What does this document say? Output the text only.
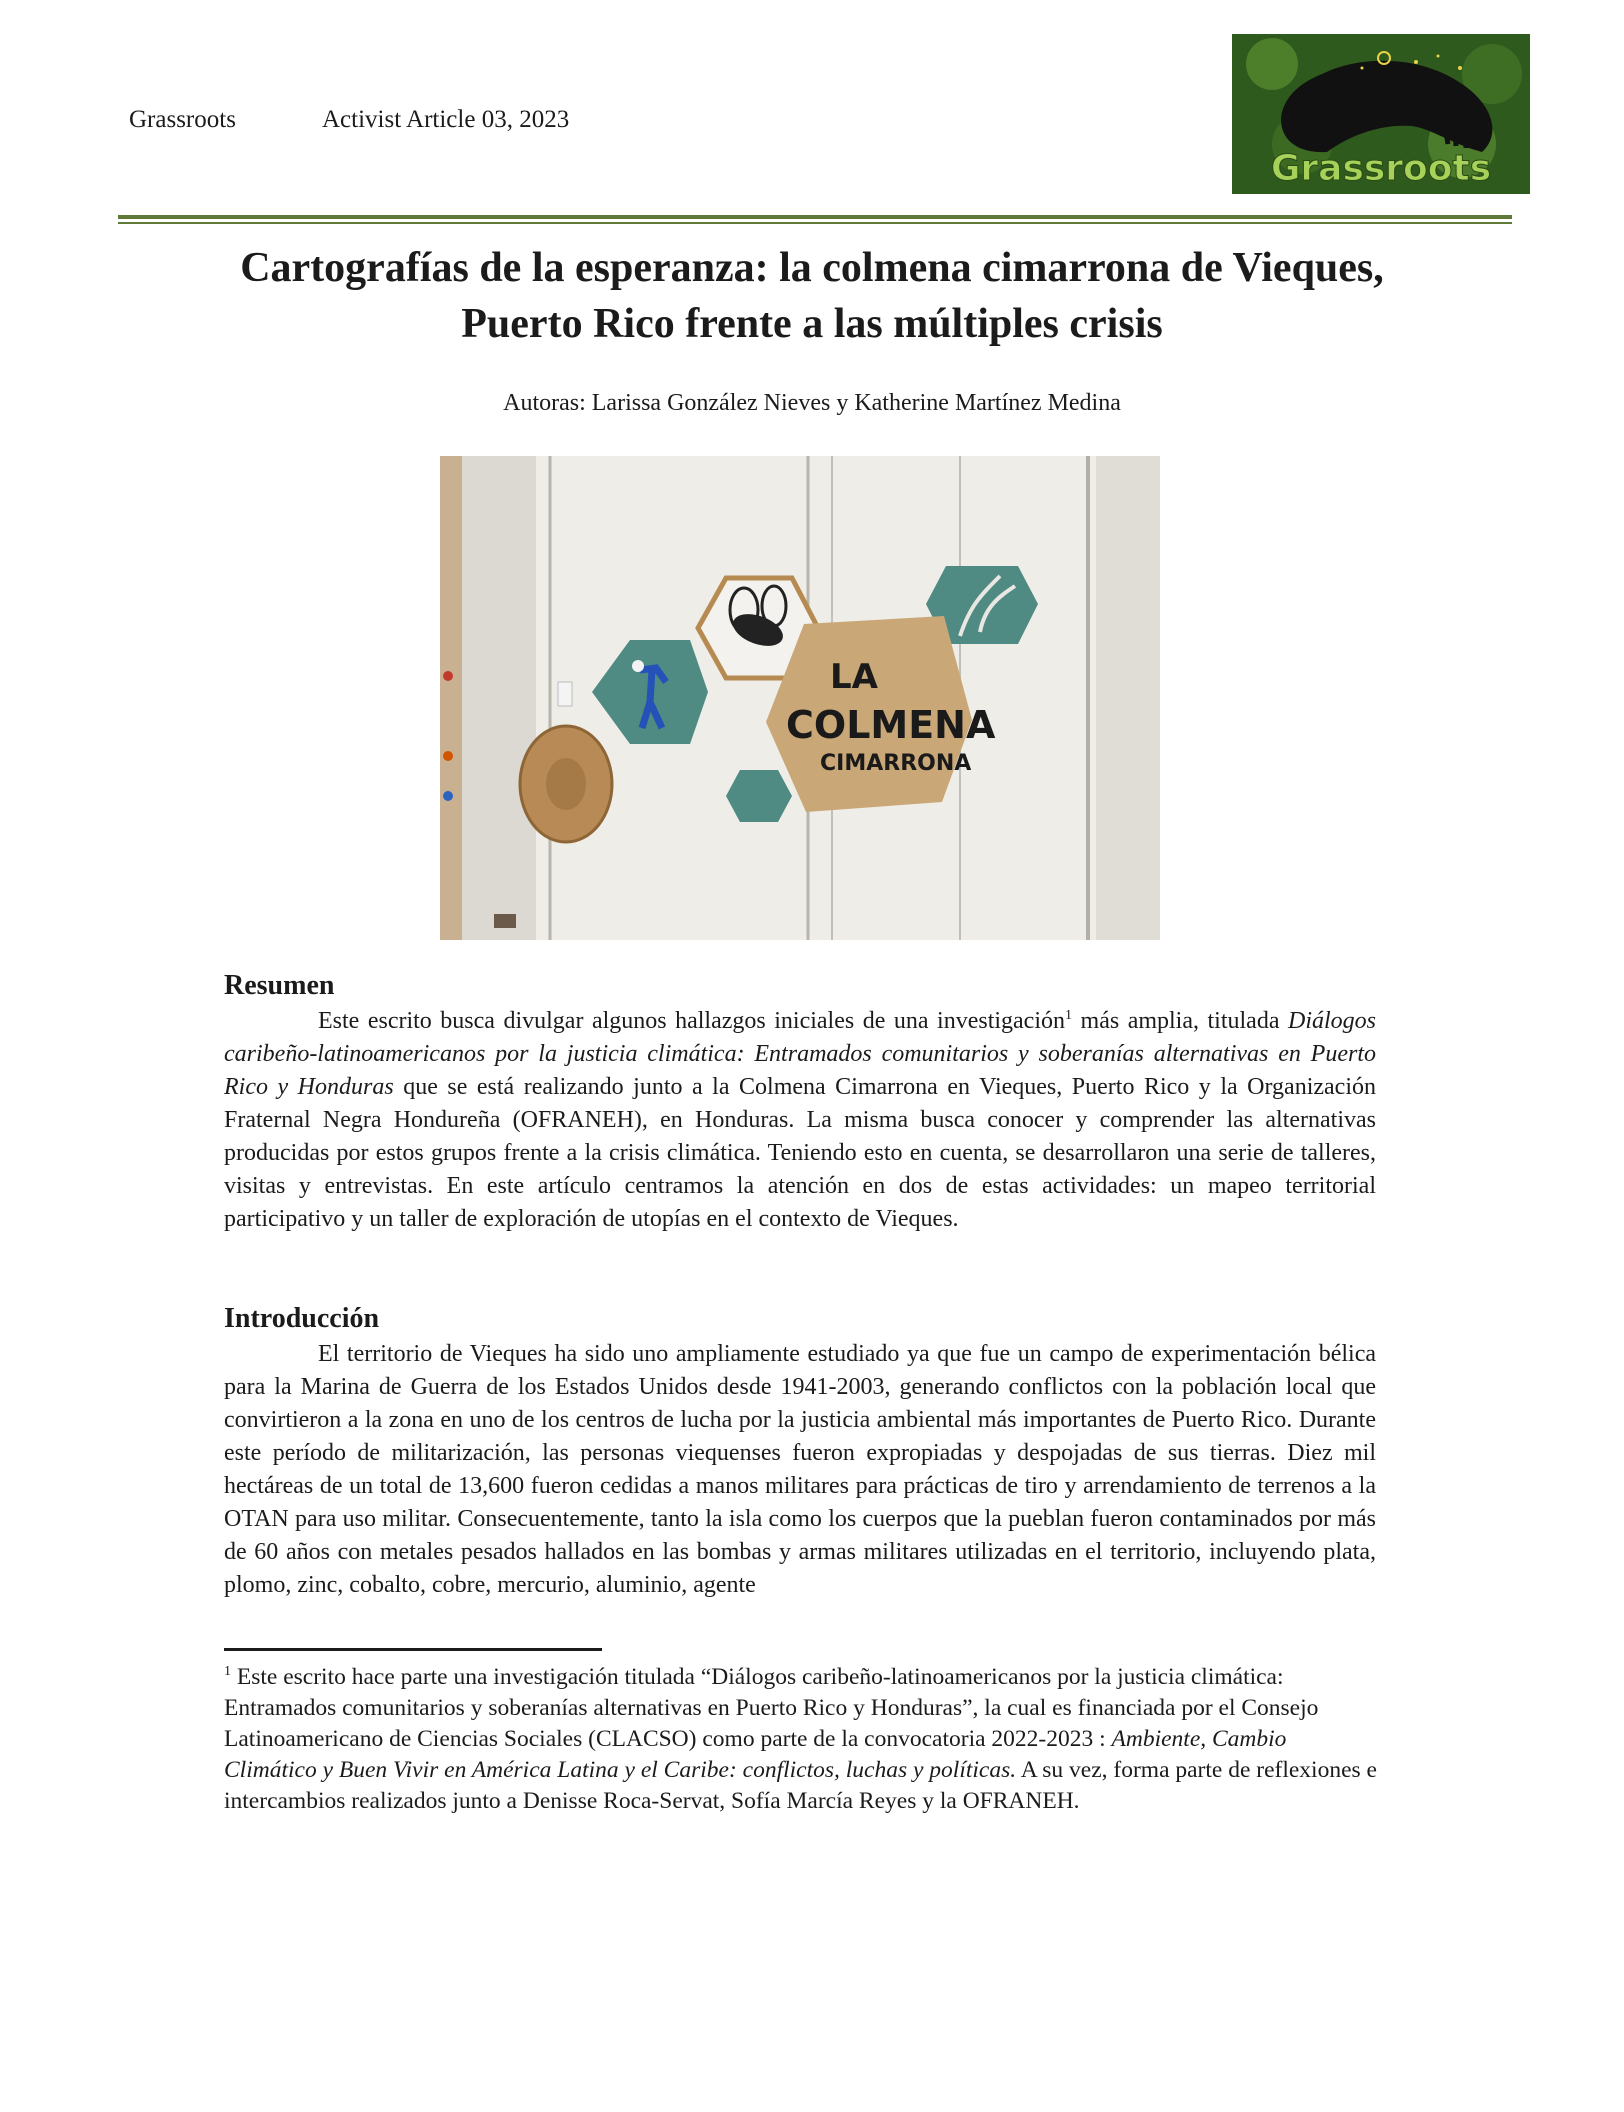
Grassroots	Activist Article 03, 2023
Grassroots
Cartografías de la esperanza: la colmena cimarrona de Vieques,
Puerto Rico frente a las múltiples crisis
Autoras: Larissa González Nieves y Katherine Martínez Medina
LA
COLMENA
CIMARRONA
Resumen

Este escrito busca divulgar algunos hallazgos iniciales de una investigación$^1$ más amplia, titulada Diálogos caribeño-latinoamericanos por la justicia climática: Entramados comunitarios y soberanías alternativas en Puerto Rico y Honduras que se está realizando junto a la Colmena Cimarrona en Vieques, Puerto Rico y la Organización Fraternal Negra Hondureña (OFRANEH), en Honduras. La misma busca conocer y comprender las alternativas producidas por estos grupos frente a la crisis climática. Teniendo esto en cuenta, se desarrollaron una serie de talleres, visitas y entrevistas. En este artículo centramos la atención en dos de estas actividades: un mapeo territorial participativo y un taller de exploración de utopías en el contexto de Vieques.

Introducción

El territorio de Vieques ha sido uno ampliamente estudiado ya que fue un campo de experimentación bélica para la Marina de Guerra de los Estados Unidos desde 1941-2003, generando conflictos con la población local que convirtieron a la zona en uno de los centros de lucha por la justicia ambiental más importantes de Puerto Rico. Durante este período de militarización, las personas viequenses fueron expropiadas y despojadas de sus tierras. Diez mil hectáreas de un total de 13,600 fueron cedidas a manos militares para prácticas de tiro y arrendamiento de terrenos a la OTAN para uso militar. Consecuentemente, tanto la isla como los cuerpos que la pueblan fueron contaminados por más de 60 años con metales pesados hallados en las bombas y armas militares utilizadas en el territorio, incluyendo plata, plomo, zinc, cobalto, cobre, mercurio, aluminio, agente

$^1$ Este escrito hace parte una investigación titulada “Diálogos caribeño-latinoamericanos por la justicia climática: Entramados comunitarios y soberanías alternativas en Puerto Rico y Honduras”, la cual es financiada por el Consejo Latinoamericano de Ciencias Sociales (CLACSO) como parte de la convocatoria 2022-2023 : Ambiente, Cambio Climático y Buen Vivir en América Latina y el Caribe: conflictos, luchas y políticas. A su vez, forma parte de reflexiones e intercambios realizados junto a Denisse Roca-Servat, Sofía Marcía Reyes y la OFRANEH.
